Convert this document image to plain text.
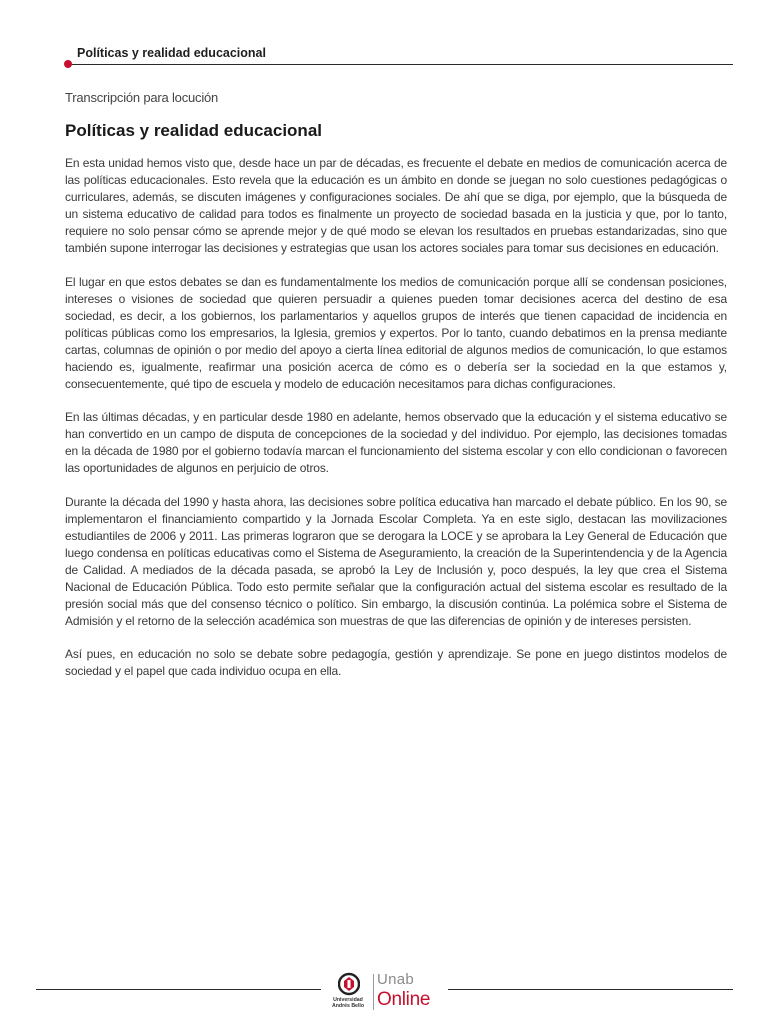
Políticas y realidad educacional
Transcripción para locución
Políticas y realidad educacional

En esta unidad hemos visto que, desde hace un par de décadas, es frecuente el debate en medios de comunicación acerca de las políticas educacionales. Esto revela que la educación es un ámbito en donde se juegan no solo cuestiones pedagógicas o curriculares, además, se discuten imágenes y configuraciones sociales. De ahí que se diga, por ejemplo, que la búsqueda de un sistema educativo de calidad para todos es finalmente un proyecto de sociedad basada en la justicia y que, por lo tanto, requiere no solo pensar cómo se aprende mejor y de qué modo se elevan los resultados en pruebas estandarizadas, sino que también supone interrogar las decisiones y estrategias que usan los actores sociales para tomar sus decisiones en educación.

El lugar en que estos debates se dan es fundamentalmente los medios de comunicación porque allí se condensan posiciones, intereses o visiones de sociedad que quieren persuadir a quienes pueden tomar decisiones acerca del destino de esa sociedad, es decir, a los gobiernos, los parlamentarios y aquellos grupos de interés que tienen capacidad de incidencia en políticas públicas como los empresarios, la Iglesia, gremios y expertos. Por lo tanto, cuando debatimos en la prensa mediante cartas, columnas de opinión o por medio del apoyo a cierta línea editorial de algunos medios de comunicación, lo que estamos haciendo es, igualmente, reafirmar una posición acerca de cómo es o debería ser la sociedad en la que estamos y, consecuentemente, qué tipo de escuela y modelo de educación necesitamos para dichas configuraciones.

En las últimas décadas, y en particular desde 1980 en adelante, hemos observado que la educación y el sistema educativo se han convertido en un campo de disputa de concepciones de la sociedad y del individuo. Por ejemplo, las decisiones tomadas en la década de 1980 por el gobierno todavía marcan el funcionamiento del sistema escolar y con ello condicionan o favorecen las oportunidades de algunos en perjuicio de otros.

Durante la década del 1990 y hasta ahora, las decisiones sobre política educativa han marcado el debate público. En los 90, se implementaron el financiamiento compartido y la Jornada Escolar Completa. Ya en este siglo, destacan las movilizaciones estudiantiles de 2006 y 2011. Las primeras lograron que se derogara la LOCE y se aprobara la Ley General de Educación que luego condensa en políticas educativas como el Sistema de Aseguramiento, la creación de la Superintendencia y de la Agencia de Calidad. A mediados de la década pasada, se aprobó la Ley de Inclusión y, poco después, la ley que crea el Sistema Nacional de Educación Pública. Todo esto permite señalar que la configuración actual del sistema escolar es resultado de la presión social más que del consenso técnico o político. Sin embargo, la discusión continúa. La polémica sobre el Sistema de Admisión y el retorno de la selección académica son muestras de que las diferencias de opinión y de intereses persisten.

Así pues, en educación no solo se debate sobre pedagogía, gestión y aprendizaje. Se pone en juego distintos modelos de sociedad y el papel que cada individuo ocupa en ella.

Universidad
Andrés Bello
Unab
Online
